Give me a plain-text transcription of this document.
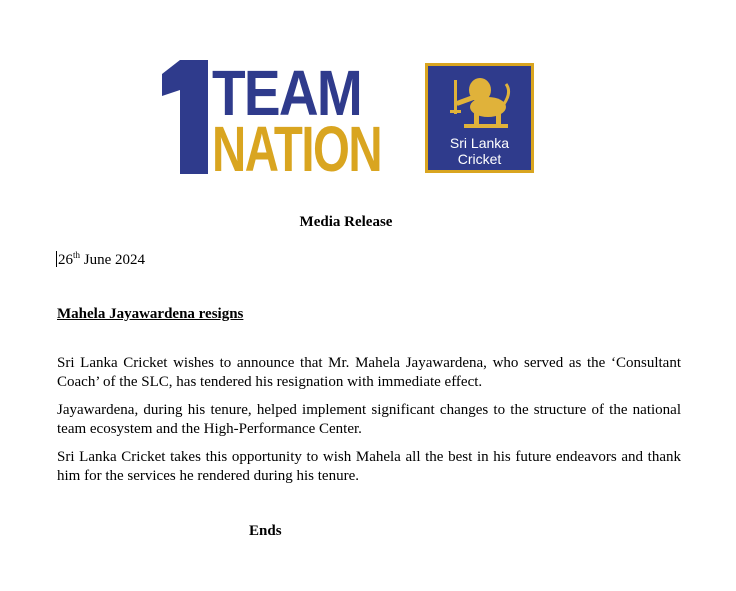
TEAM
NATION	Sri Lanka
Cricket
Media Release
26th June 2024
Mahela Jayawardena resigns

Sri Lanka Cricket wishes to announce that Mr. Mahela Jayawardena, who served as the ‘Consultant Coach’ of the SLC, has tendered his resignation with immediate effect.

Jayawardena, during his tenure, helped implement significant changes to the structure of the national team ecosystem and the High-Performance Center.

Sri Lanka Cricket takes this opportunity to wish Mahela all the best in his future endeavors and thank him for the services he rendered during his tenure.

Ends
